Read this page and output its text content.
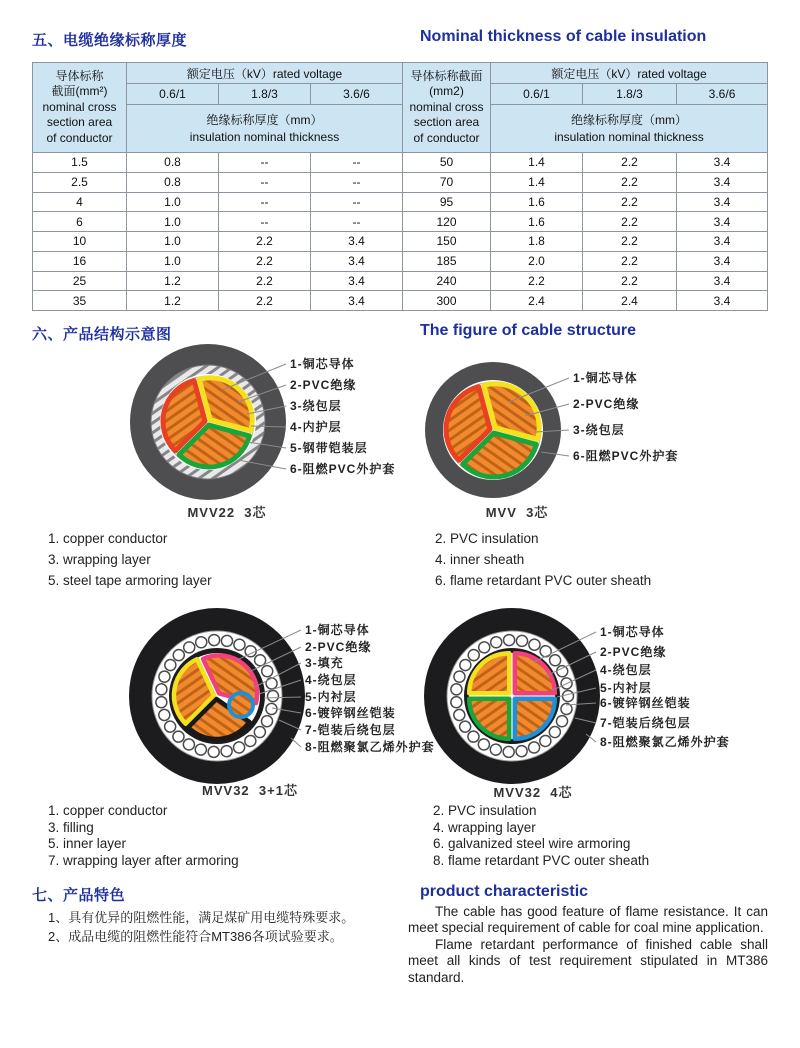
五、电缆绝缘标称厚度	Nominal thickness of cable insulation
导体标称
截面(mm²)
nominal cross
section area
of conductor
	额定电压（kV）rated voltage	导体标称截面
(mm2)
nominal cross
section area
of conductor
	额定电压（kV）rated voltage
	0.6/1	1.8/3	3.6/6		0.6/1	1.8/3	3.6/6

绝缘标称厚度（mm）
insulation nominal thickness

绝缘标称厚度（mm）
insulation nominal thickness

1.5	0.8	--	--	50	1.4	2.2	3.4
2.5	0.8	--	--	70	1.4	2.2	3.4
4	1.0	--	--	95	1.6	2.2	3.4
6	1.0	--	--	120	1.6	2.2	3.4
10	1.0	2.2	3.4	150	1.8	2.2	3.4
16	1.0	2.2	3.4	185	2.0	2.2	3.4
25	1.2	2.2	3.4	240	2.2	2.2	3.4
35	1.2	2.2	3.4	300	2.4	2.4	3.4
六、产品结构示意图	The figure of cable structure
1-铜芯导体
2-PVC绝缘
3-绕包层
4-内护层
5-钢带铠装层
6-阻燃PVC外护套
MVV22  3芯
1-铜芯导体
2-PVC绝缘
3-绕包层
6-阻燃PVC外护套
MVV  3芯
1. copper conductor
3. wrapping layer
5. steel tape armoring layer
2. PVC insulation
4. inner sheath
6. flame retardant PVC outer sheath
1-铜芯导体
2-PVC绝缘
3-填充
4-绕包层
5-内衬层
6-镀锌钢丝铠装
7-铠装后绕包层
8-阻燃聚氯乙烯外护套
MVV32  3+1芯
1-铜芯导体
2-PVC绝缘
4-绕包层
5-内衬层
6-镀锌钢丝铠装
7-铠装后绕包层
8-阻燃聚氯乙烯外护套
MVV32  4芯
1. copper conductor
3. filling
5. inner layer
7. wrapping layer after armoring
2. PVC insulation
4. wrapping layer
6. galvanized steel wire armoring
8. flame retardant PVC outer sheath
七、产品特色	product characteristic
1、具有优异的阻燃性能，满足煤矿用电缆特殊要求。
2、成品电缆的阻燃性能符合MT386各项试验要求。

The cable has good feature of flame resistance. It can meet special requirement of cable for coal mine application.

Flame retardant performance of finished cable shall meet all kinds of test requirement stipulated in MT386 standard.
